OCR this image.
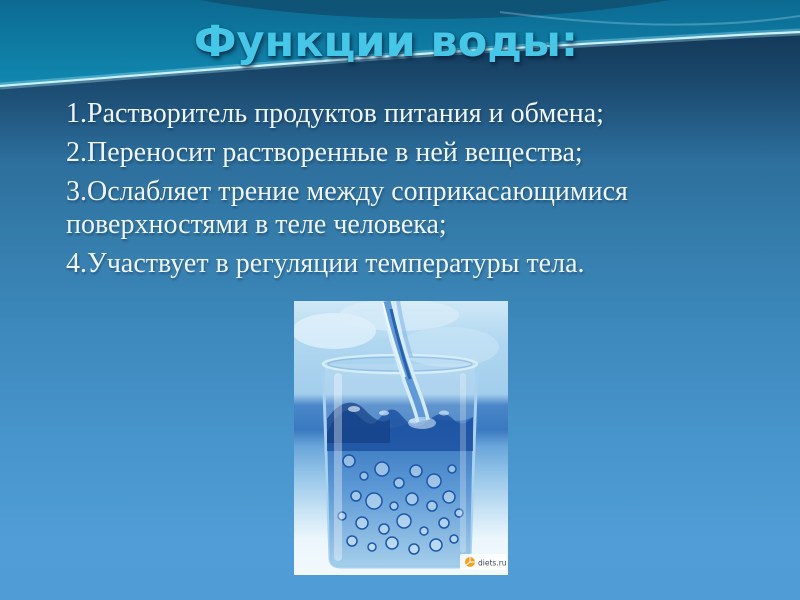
Функции воды:

1.Растворитель продуктов питания и обмена;

2.Переносит растворенные в ней вещества;

3.Ослабляет трение между соприкасающимися поверхностями в теле человека;

4.Участвует в регуляции температуры тела.

diets.ru
